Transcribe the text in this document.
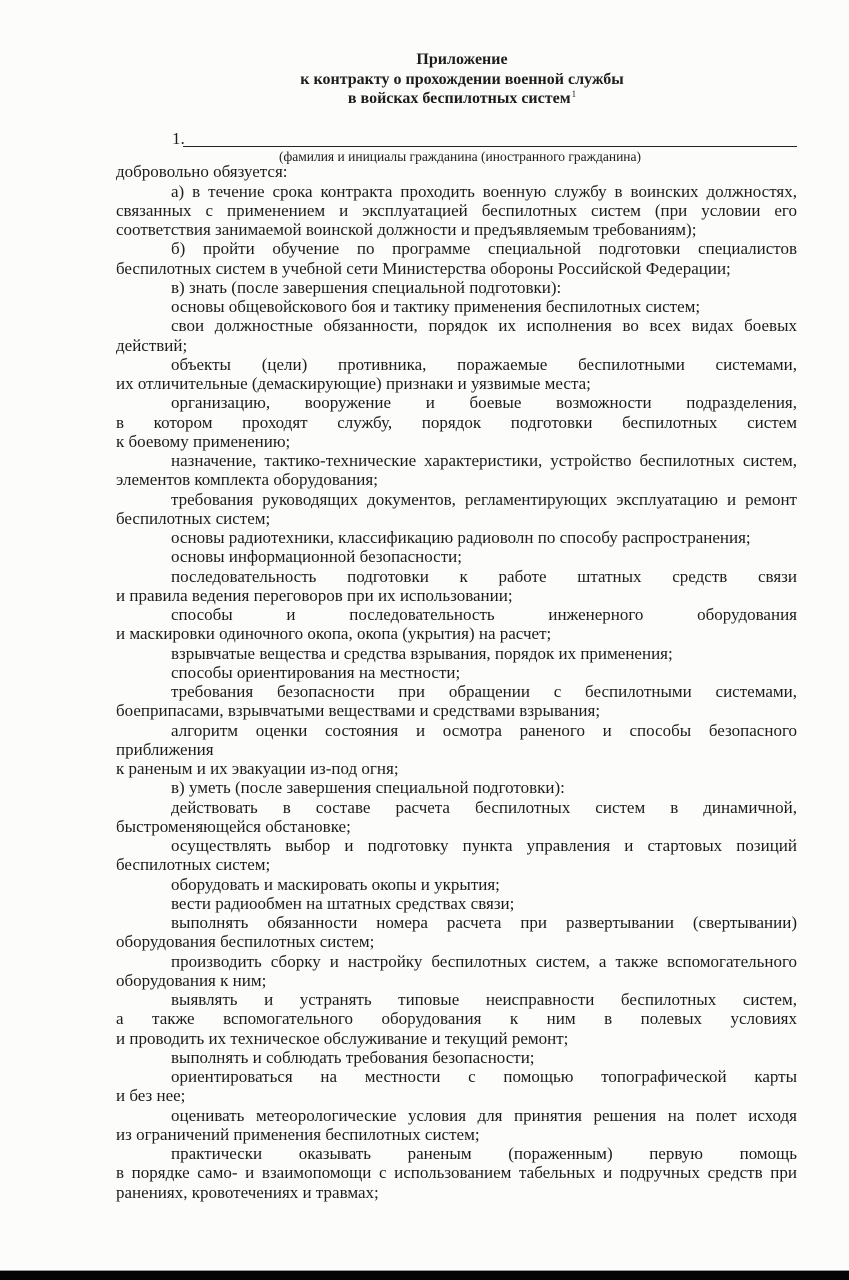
Приложение
к контракту о прохождении военной службы
в войсках беспилотных систем$^1$
1.
(фамилия и инициалы гражданина (иностранного гражданина)
добровольно обязуется:
а) в течение срока контракта проходить военную службу в воинских должностях,
связанных с применением и эксплуатацией беспилотных систем (при условии его
соответствия занимаемой воинской должности и предъявляемым требованиям);
б) пройти обучение по программе специальной подготовки специалистов
беспилотных систем в учебной сети Министерства обороны Российской Федерации;
в) знать (после завершения специальной подготовки):
основы общевойскового боя и тактику применения беспилотных систем;
свои должностные обязанности, порядок их исполнения во всех видах боевых
действий;
объекты (цели) противника, поражаемые беспилотными системами,
их отличительные (демаскирующие) признаки и уязвимые места;
организацию, вооружение и боевые возможности подразделения,
в котором проходят службу, порядок подготовки беспилотных систем
к боевому применению;
назначение, тактико-технические характеристики, устройство беспилотных систем,
элементов комплекта оборудования;
требования руководящих документов, регламентирующих эксплуатацию и ремонт
беспилотных систем;
основы радиотехники, классификацию радиоволн по способу распространения;
основы информационной безопасности;
последовательность подготовки к работе штатных средств связи
и правила ведения переговоров при их использовании;
способы и последовательность инженерного оборудования
и маскировки одиночного окопа, окопа (укрытия) на расчет;
взрывчатые вещества и средства взрывания, порядок их применения;
способы ориентирования на местности;
требования безопасности при обращении с беспилотными системами,
боеприпасами, взрывчатыми веществами и средствами взрывания;
алгоритм оценки состояния и осмотра раненого и способы безопасного
приближения
к раненым и их эвакуации из-под огня;
в) уметь (после завершения специальной подготовки):
действовать в составе расчета беспилотных систем в динамичной,
быстроменяющейся обстановке;
осуществлять выбор и подготовку пункта управления и стартовых позиций
беспилотных систем;
оборудовать и маскировать окопы и укрытия;
вести радиообмен на штатных средствах связи;
выполнять обязанности номера расчета при развертывании (свертывании)
оборудования беспилотных систем;
производить сборку и настройку беспилотных систем, а также вспомогательного
оборудования к ним;
выявлять и устранять типовые неисправности беспилотных систем,
а также вспомогательного оборудования к ним в полевых условиях
и проводить их техническое обслуживание и текущий ремонт;
выполнять и соблюдать требования безопасности;
ориентироваться на местности с помощью топографической карты
и без нее;
оценивать метеорологические условия для принятия решения на полет исходя
из ограничений применения беспилотных систем;
практически оказывать раненым (пораженным) первую помощь
в порядке само- и взаимопомощи с использованием табельных и подручных средств при
ранениях, кровотечениях и травмах;
